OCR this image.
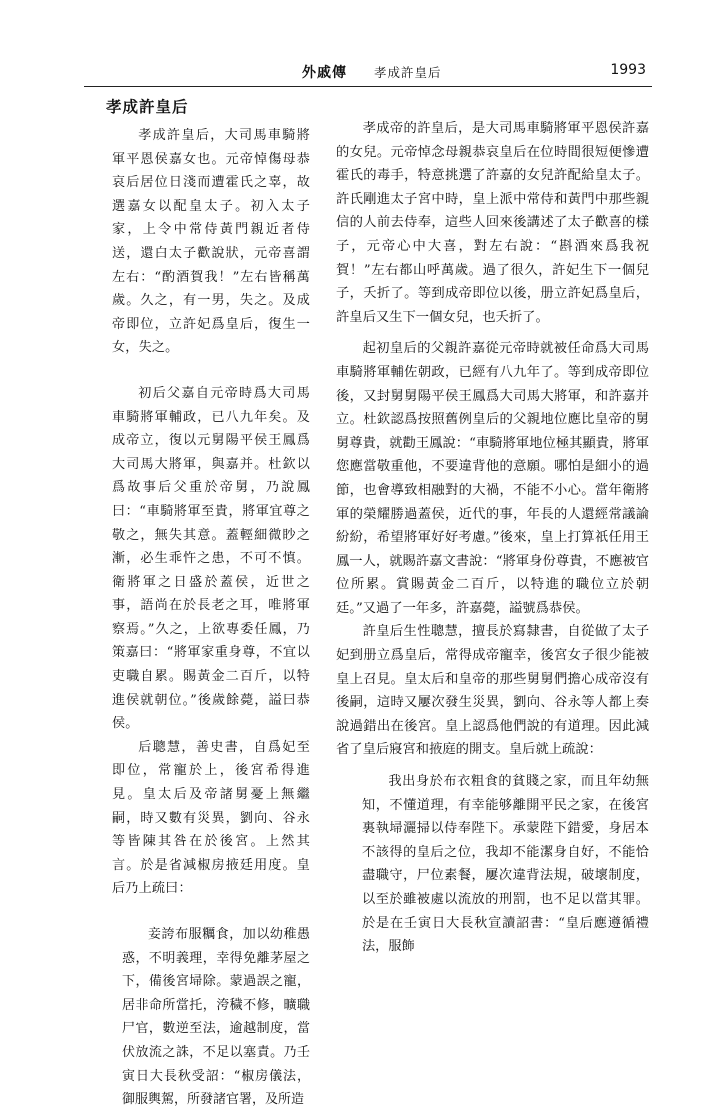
外戚傳 孝成許皇后	1993
孝成許皇后

孝成許皇后，大司馬車騎將軍平恩侯嘉女也。元帝悼傷母恭哀后居位日淺而遭霍氏之辜，故選嘉女以配皇太子。初入太子家，上令中常侍黃門親近者侍送，還白太子歡說狀，元帝喜謂左右：“酌酒賀我！”左右皆稱萬歲。久之，有一男，失之。及成帝即位，立許妃爲皇后，復生一女，失之。

初后父嘉自元帝時爲大司馬車騎將軍輔政，已八九年矣。及成帝立，復以元舅陽平侯王鳳爲大司馬大將軍，與嘉并。杜欽以爲故事后父重於帝舅，乃說鳳曰：“車騎將軍至貴，將軍宜尊之敬之，無失其意。蓋輕細微眇之漸，必生乖忤之患，不可不慎。衛將軍之日盛於蓋侯，近世之事，語尚在於長老之耳，唯將軍察焉。”久之，上欲專委任鳳，乃策嘉曰：“將軍家重身尊，不宜以吏職自累。賜黃金二百斤，以特進侯就朝位。”後歲餘薨，謚曰恭侯。

后聰慧，善史書，自爲妃至即位，常寵於上，後宮希得進見。皇太后及帝諸舅憂上無繼嗣，時又數有災異，劉向、谷永等皆陳其咎在於後宮。上然其言。於是省減椒房掖廷用度。皇后乃上疏曰：

妾誇布服糲食，加以幼稚愚惑，不明義理，幸得免離茅屋之下，備後宮埽除。蒙過誤之寵，居非命所當托，洿穢不修，曠職尸官，數逆至法，逾越制度，當伏放流之誅，不足以塞責。乃壬寅日大長秋受詔：“椒房儀法，御服輿駕，所發諸官署，及所造

孝成帝的許皇后，是大司馬車騎將軍平恩侯許嘉的女兒。元帝悼念母親恭哀皇后在位時間很短便慘遭霍氏的毒手，特意挑選了許嘉的女兒許配給皇太子。許氏剛進太子宮中時，皇上派中常侍和黃門中那些親信的人前去侍奉，這些人回來後講述了太子歡喜的樣子，元帝心中大喜，對左右說：“斟酒來爲我祝賀！”左右都山呼萬歲。過了很久，許妃生下一個兒子，夭折了。等到成帝即位以後，册立許妃爲皇后，許皇后又生下一個女兒，也夭折了。

起初皇后的父親許嘉從元帝時就被任命爲大司馬車騎將軍輔佐朝政，已經有八九年了。等到成帝即位後，又封舅舅陽平侯王鳳爲大司馬大將軍，和許嘉并立。杜欽認爲按照舊例皇后的父親地位應比皇帝的舅舅尊貴，就勸王鳳說：“車騎將軍地位極其顯貴，將軍您應當敬重他，不要違背他的意願。哪怕是細小的過節，也會導致相融對的大禍，不能不小心。當年衛將軍的榮耀勝過蓋侯，近代的事，年長的人還經常議論紛紛，希望將軍好好考慮。”後來，皇上打算祇任用王鳳一人，就賜許嘉文書說：“將軍身份尊貴，不應被官位所累。賞賜黃金二百斤，以特進的職位立於朝廷。”又過了一年多，許嘉薨，謚號爲恭侯。

許皇后生性聰慧，擅長於寫隸書，自從做了太子妃到册立爲皇后，常得成帝寵幸，後宮女子很少能被皇上召見。皇太后和皇帝的那些舅舅們擔心成帝沒有後嗣，這時又屢次發生災異，劉向、谷永等人都上奏說過錯出在後宮。皇上認爲他們說的有道理。因此減省了皇后寢宮和掖庭的開支。皇后就上疏說：

我出身於布衣粗食的貧賤之家，而且年幼無知，不懂道理，有幸能够離開平民之家，在後宮裏執埽灑掃以侍奉陛下。承蒙陛下錯愛，身居本不該得的皇后之位，我却不能潔身自好，不能恰盡職守，尸位素餐，屢次違背法規，破壞制度，以至於雖被處以流放的刑罰，也不足以當其罪。於是在壬寅日大長秋宣讀詔書：“皇后應遵循禮法，服飾
